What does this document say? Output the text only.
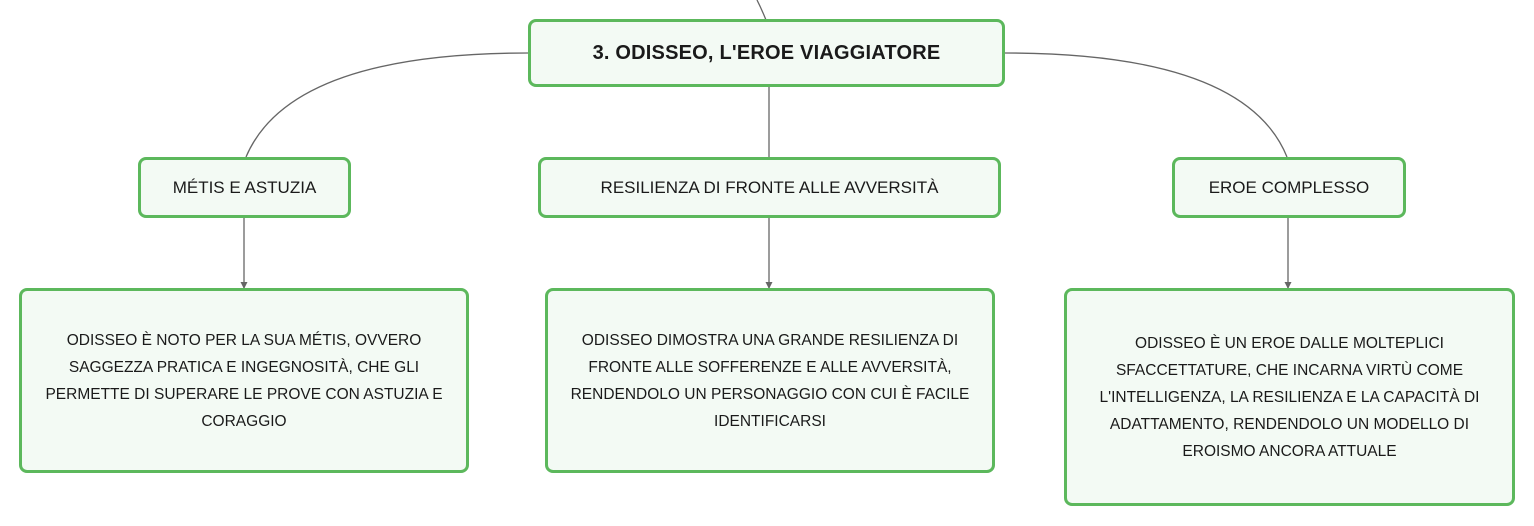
3. ODISSEO, L'EROE VIAGGIATORE
MÉTIS E ASTUZIA	RESILIENZA DI FRONTE ALLE AVVERSITÀ	EROE COMPLESSO
ODISSEO È NOTO PER LA SUA MÉTIS, OVVERO SAGGEZZA PRATICA E INGEGNOSITÀ, CHE GLI PERMETTE DI SUPERARE LE PROVE CON ASTUZIA E CORAGGIO
ODISSEO DIMOSTRA UNA GRANDE RESILIENZA DI FRONTE ALLE SOFFERENZE E ALLE AVVERSITÀ, RENDENDOLO UN PERSONAGGIO CON CUI È FACILE IDENTIFICARSI
ODISSEO È UN EROE DALLE MOLTEPLICI SFACCETTATURE, CHE INCARNA VIRTÙ COME L'INTELLIGENZA, LA RESILIENZA E LA CAPACITÀ DI ADATTAMENTO, RENDENDOLO UN MODELLO DI EROISMO ANCORA ATTUALE
